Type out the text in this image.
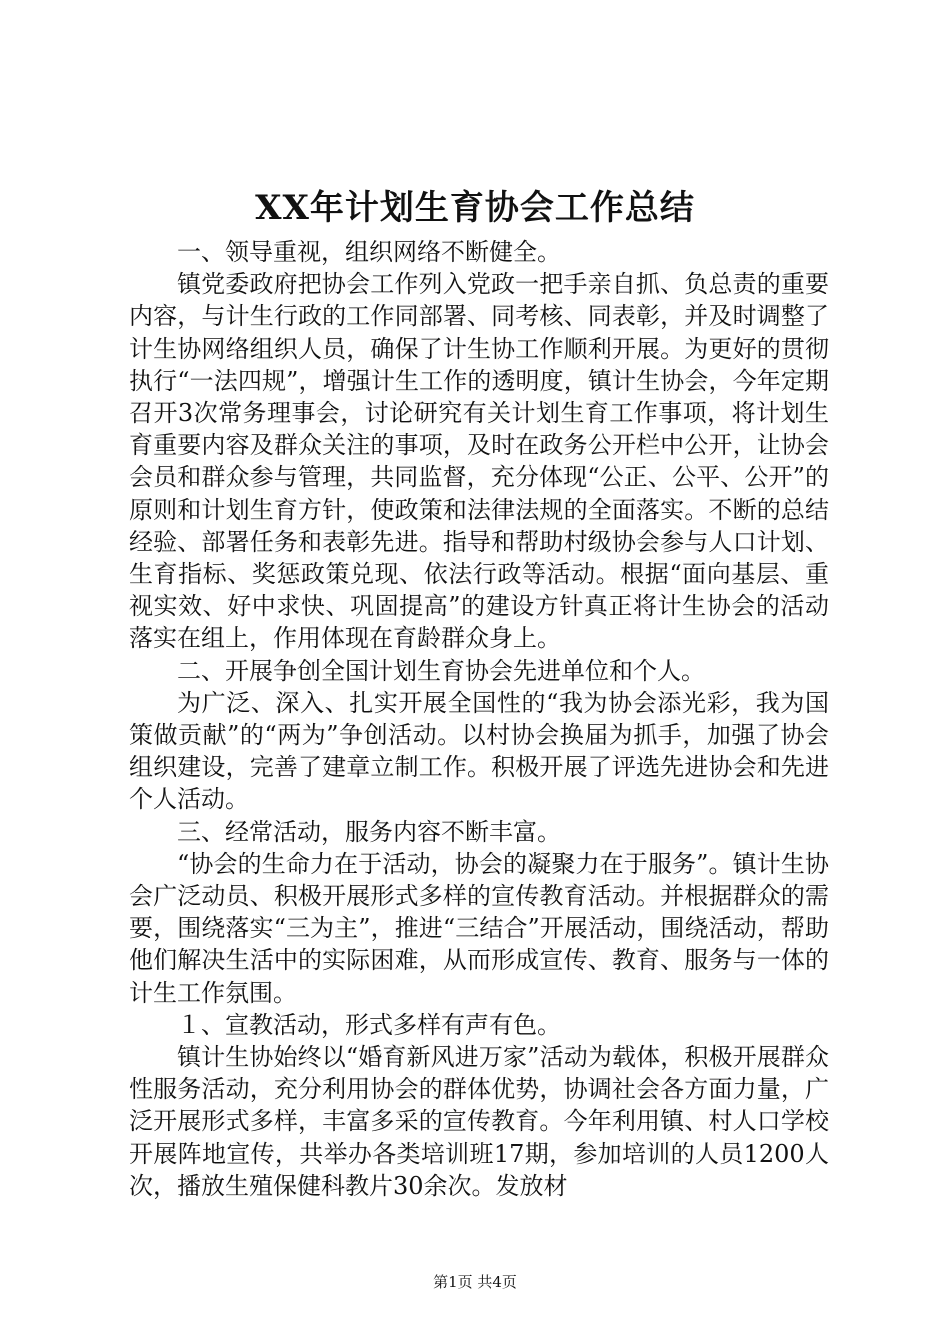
XX年计划生育协会工作总结

一、领导重视，组织网络不断健全。

镇党委政府把协会工作列入党政一把手亲自抓、负总责的重要内容，与计生行政的工作同部署、同考核、同表彰，并及时调整了计生协网络组织人员，确保了计生协工作顺利开展。为更好的贯彻执行“一法四规”，增强计生工作的透明度，镇计生协会，今年定期召开3次常务理事会，讨论研究有关计划生育工作事项，将计划生育重要内容及群众关注的事项，及时在政务公开栏中公开，让协会会员和群众参与管理，共同监督，充分体现“公正、公平、公开”的原则和计划生育方针，使政策和法律法规的全面落实。不断的总结经验、部署任务和表彰先进。指导和帮助村级协会参与人口计划、生育指标、奖惩政策兑现、依法行政等活动。根据“面向基层、重视实效、好中求快、巩固提高”的建设方针真正将计生协会的活动落实在组上，作用体现在育龄群众身上。

二、开展争创全国计划生育协会先进单位和个人。

为广泛、深入、扎实开展全国性的“我为协会添光彩，我为国策做贡献”的“两为”争创活动。以村协会换届为抓手，加强了协会组织建设，完善了建章立制工作。积极开展了评选先进协会和先进个人活动。

三、经常活动，服务内容不断丰富。

“协会的生命力在于活动，协会的凝聚力在于服务”。镇计生协会广泛动员、积极开展形式多样的宣传教育活动。并根据群众的需要，围绕落实“三为主”，推进“三结合”开展活动，围绕活动，帮助他们解决生活中的实际困难，从而形成宣传、教育、服务与一体的计生工作氛围。

１、宣教活动，形式多样有声有色。

镇计生协始终以“婚育新风进万家”活动为载体，积极开展群众性服务活动，充分利用协会的群体优势，协调社会各方面力量，广泛开展形式多样，丰富多采的宣传教育。今年利用镇、村人口学校开展阵地宣传，共举办各类培训班17期，参加培训的人员1200人次，播放生殖保健科教片30余次。发放材

第1页 共4页
